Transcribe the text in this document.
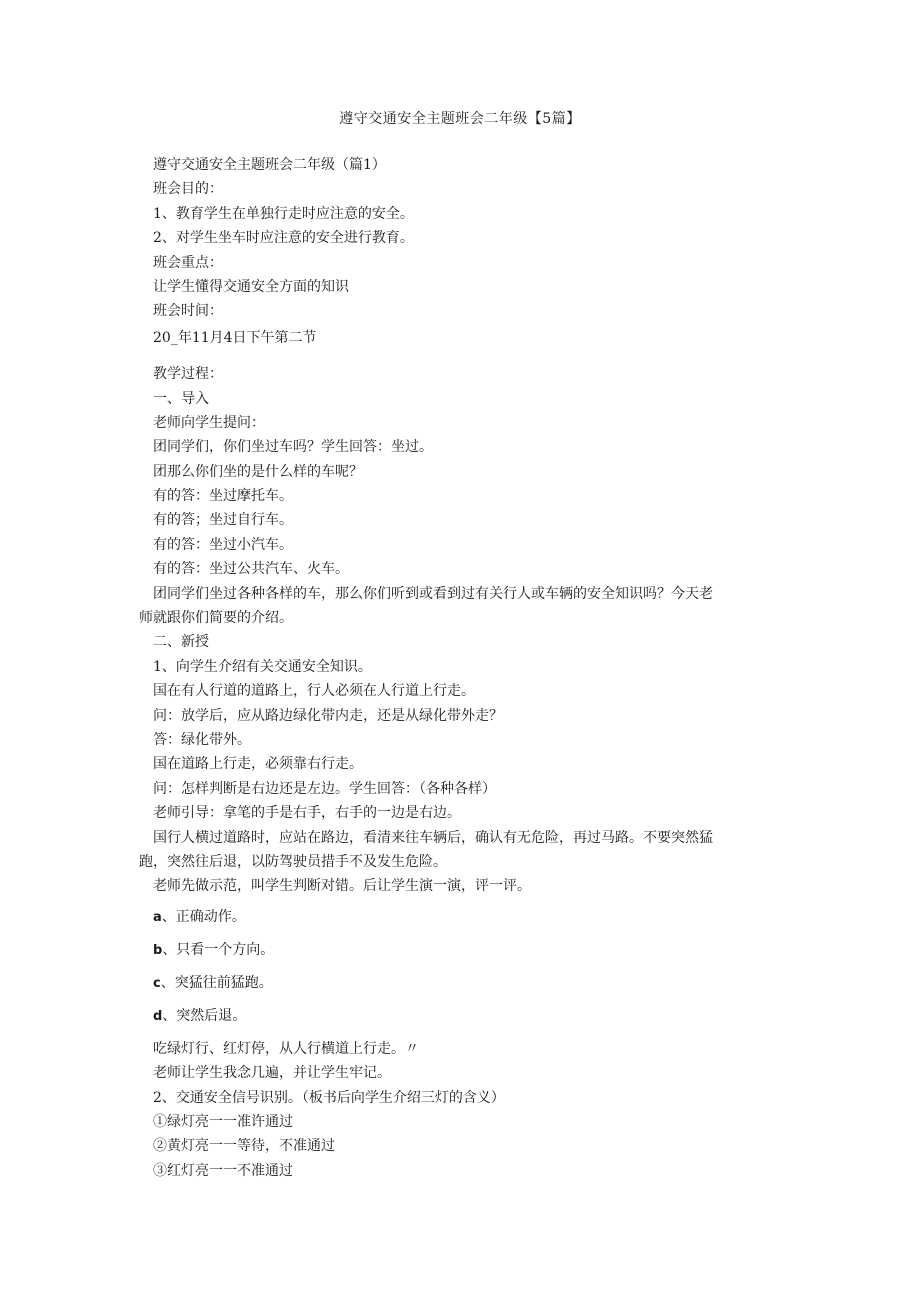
遵守交通安全主题班会二年级【5篇】
遵守交通安全主题班会二年级（篇1）
班会目的：
1、教育学生在单独行走时应注意的安全。
2、对学生坐车时应注意的安全进行教育。
班会重点：
让学生懂得交通安全方面的知识
班会时间：
20_年11月4日下午第二节
教学过程：
一、导入
老师向学生提问：
团同学们，你们坐过车吗？学生回答：坐过。
团那么你们坐的是什么样的车呢？
有的答：坐过摩托车。
有的答；坐过自行车。
有的答：坐过小汽车。
有的答：坐过公共汽车、火车。
团同学们坐过各种各样的车，那么你们听到或看到过有关行人或车辆的安全知识吗？今天老
师就跟你们简要的介绍。
二、新授
1、向学生介绍有关交通安全知识。
国在有人行道的道路上，行人必须在人行道上行走。
问：放学后，应从路边绿化带内走，还是从绿化带外走？
答：绿化带外。
国在道路上行走，必须靠右行走。
问：怎样判断是右边还是左边。学生回答：（各种各样）
老师引导：拿笔的手是右手，右手的一边是右边。
国行人横过道路时，应站在路边，看清来往车辆后，确认有无危险，再过马路。不要突然猛
跑，突然往后退，以防驾驶员措手不及发生危险。
老师先做示范，叫学生判断对错。后让学生演一演，评一评。
a、正确动作。
b、只看一个方向。
c、突猛往前猛跑。
d、突然后退。
吃绿灯行、红灯停，从人行横道上行走。〃
老师让学生我念几遍，并让学生牢记。
2、交通安全信号识别。（板书后向学生介绍三灯的含义）
①绿灯亮一一准许通过
②黄灯亮一一等待，不准通过
③红灯亮一一不准通过
